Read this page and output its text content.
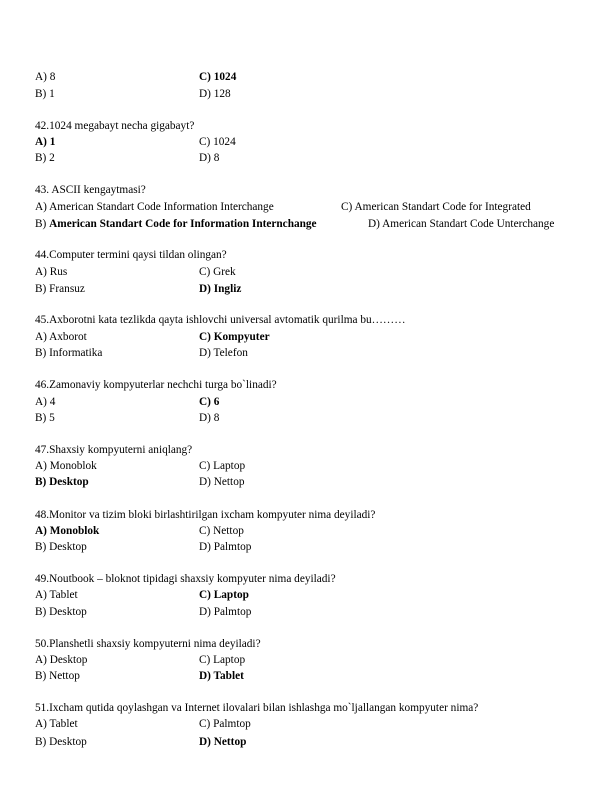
A) 8	C) 1024
B) 1	D) 128
42.1024 megabayt necha gigabayt?
A) 1	C) 1024
B) 2	D) 8
43. ASCII kengaytmasi?
A) American Standart Code Information Interchange	C) American Standart Code for Integrated
B) American Standart Code for Information Internchange	D) American Standart Code Unterchange
44.Computer termini qaysi tildan olingan?
A) Rus	C) Grek
B) Fransuz	D) Ingliz
45.Axborotni kata tezlikda qayta ishlovchi universal avtomatik qurilma bu………
A) Axborot	C) Kompyuter
B) Informatika	D) Telefon
46.Zamonaviy kompyuterlar nechchi turga bo`linadi?
A) 4	C) 6
B) 5	D) 8
47.Shaxsiy kompyuterni aniqlang?
A) Monoblok	C) Laptop
B) Desktop	D) Nettop
48.Monitor va tizim bloki birlashtirilgan ixcham kompyuter nima deyiladi?
A) Monoblok	C) Nettop
B) Desktop	D) Palmtop
49.Noutbook – bloknot tipidagi shaxsiy kompyuter nima deyiladi?
A) Tablet	C) Laptop
B) Desktop	D) Palmtop
50.Planshetli shaxsiy kompyuterni nima deyiladi?
A) Desktop	C) Laptop
B) Nettop	D) Tablet
51.Ixcham qutida qoylashgan va Internet ilovalari bilan ishlashga mo`ljallangan kompyuter nima?
A) Tablet	C) Palmtop
B) Desktop	D) Nettop
